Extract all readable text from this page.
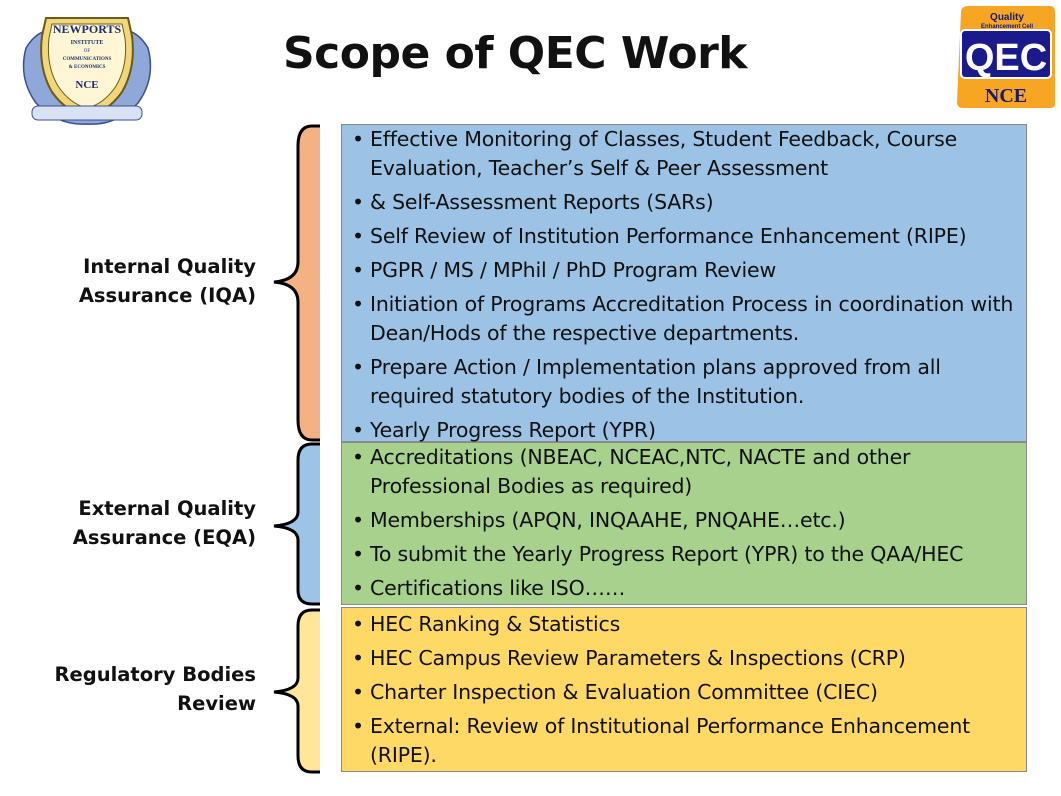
NEWPORTS
INSTITUTE
OF
COMMUNICATIONS
& ECONOMICS
NCE
Scope of QEC Work
Quality
Enhancement Cell
QEC
NCE
Internal Quality
Assurance (IQA)
External Quality
Assurance (EQA)
Regulatory Bodies
Review
• Effective Monitoring of Classes, Student Feedback, Course Evaluation, Teacher’s Self & Peer Assessment
• & Self-Assessment Reports (SARs)
• Self Review of Institution Performance Enhancement (RIPE)
• PGPR / MS / MPhil / PhD Program Review
• Initiation of Programs Accreditation Process in coordination with Dean/Hods of the respective departments.
• Prepare Action / Implementation plans approved from all required statutory bodies of the Institution.
• Yearly Progress Report (YPR)
• Accreditations (NBEAC, NCEAC,NTC, NACTE and other Professional Bodies as required)
• Memberships (APQN, INQAAHE, PNQAHE…etc.)
• To submit the Yearly Progress Report (YPR) to the QAA/HEC
• Certifications like ISO……
• HEC Ranking & Statistics
• HEC Campus Review Parameters & Inspections (CRP)
• Charter Inspection & Evaluation Committee (CIEC)
• External: Review of Institutional Performance Enhancement (RIPE).
